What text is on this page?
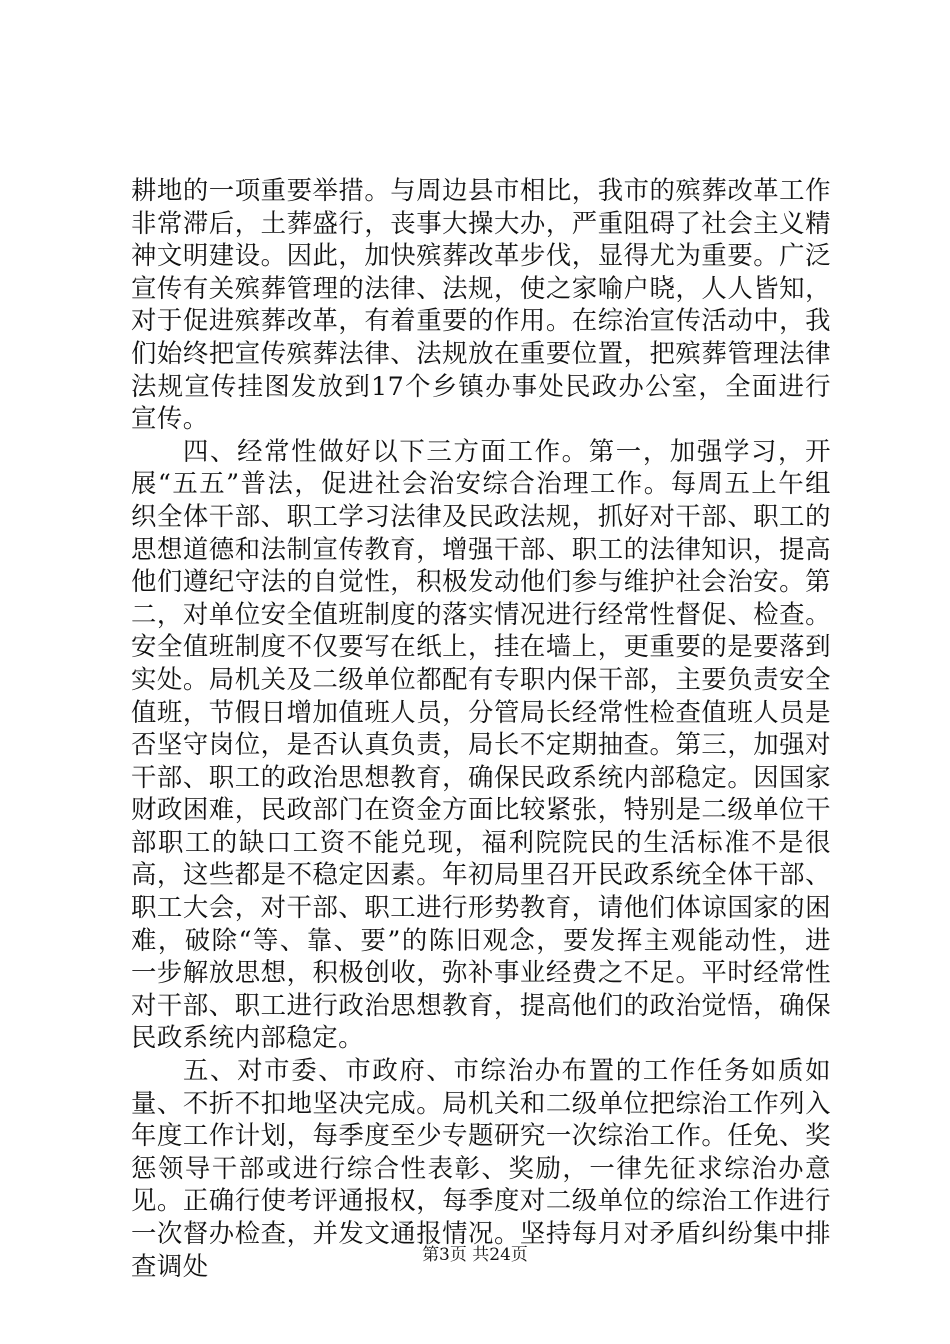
耕地的一项重要举措。与周边县市相比，我市的殡葬改革工作非常滞后，土葬盛行，丧事大操大办，严重阻碍了社会主义精神文明建设。因此，加快殡葬改革步伐，显得尤为重要。广泛宣传有关殡葬管理的法律、法规，使之家喻户晓，人人皆知，对于促进殡葬改革，有着重要的作用。在综治宣传活动中，我们始终把宣传殡葬法律、法规放在重要位置，把殡葬管理法律法规宣传挂图发放到17个乡镇办事处民政办公室，全面进行宣传。

四、经常性做好以下三方面工作。第一，加强学习，开展“五五”普法，促进社会治安综合治理工作。每周五上午组织全体干部、职工学习法律及民政法规，抓好对干部、职工的思想道德和法制宣传教育，增强干部、职工的法律知识，提高他们遵纪守法的自觉性，积极发动他们参与维护社会治安。第二，对单位安全值班制度的落实情况进行经常性督促、检查。安全值班制度不仅要写在纸上，挂在墙上，更重要的是要落到实处。局机关及二级单位都配有专职内保干部，主要负责安全值班，节假日增加值班人员，分管局长经常性检查值班人员是否坚守岗位，是否认真负责，局长不定期抽查。第三，加强对干部、职工的政治思想教育，确保民政系统内部稳定。因国家财政困难，民政部门在资金方面比较紧张，特别是二级单位干部职工的缺口工资不能兑现，福利院院民的生活标准不是很高，这些都是不稳定因素。年初局里召开民政系统全体干部、职工大会，对干部、职工进行形势教育，请他们体谅国家的困难，破除“等、靠、要”的陈旧观念，要发挥主观能动性，进一步解放思想，积极创收，弥补事业经费之不足。平时经常性对干部、职工进行政治思想教育，提高他们的政治觉悟，确保民政系统内部稳定。

五、对市委、市政府、市综治办布置的工作任务如质如量、不折不扣地坚决完成。局机关和二级单位把综治工作列入年度工作计划，每季度至少专题研究一次综治工作。任免、奖惩领导干部或进行综合性表彰、奖励，一律先征求综治办意见。正确行使考评通报权，每季度对二级单位的综治工作进行一次督办检查，并发文通报情况。坚持每月对矛盾纠纷集中排查调处	第3页 共24页
